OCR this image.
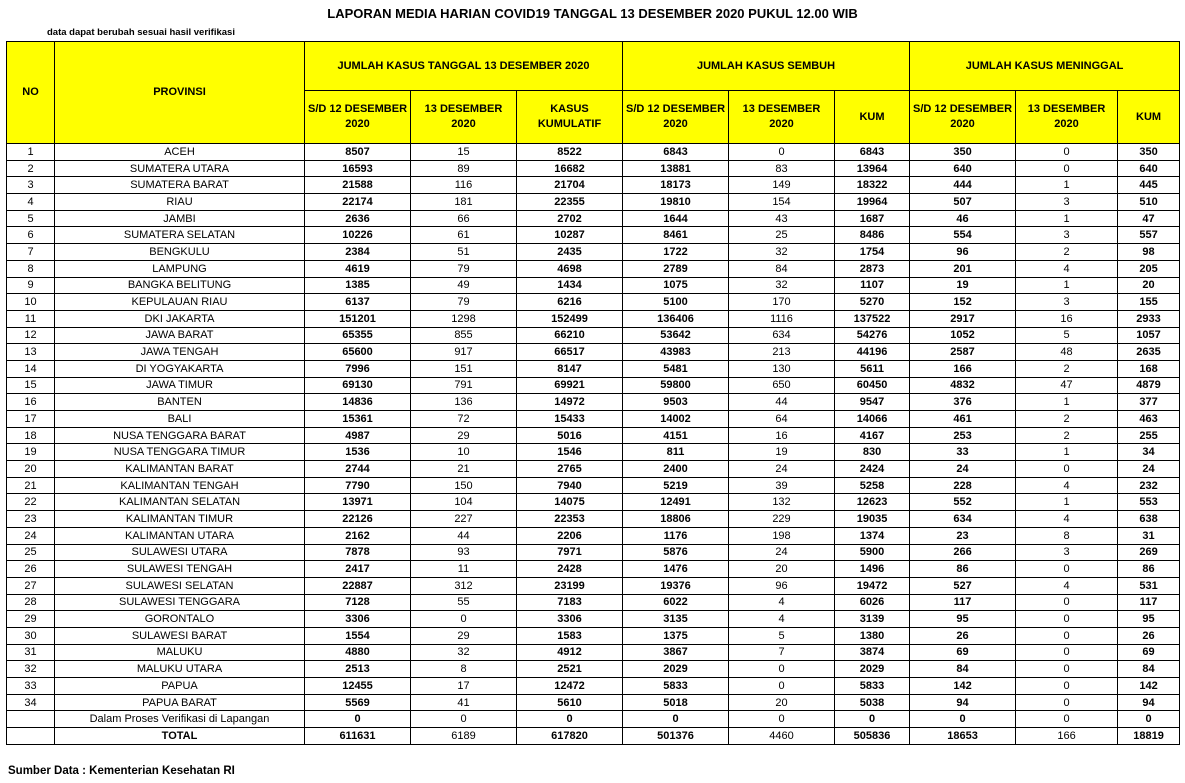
LAPORAN MEDIA HARIAN COVID19 TANGGAL 13 DESEMBER 2020 PUKUL 12.00 WIB
data dapat berubah sesuai hasil verifikasi
NO	PROVINSI	JUMLAH KASUS TANGGAL 13 DESEMBER 2020			JUMLAH KASUS SEMBUH			JUMLAH KASUS MENINGGAL		
		S/D 12 DESEMBER 2020	13 DESEMBER 2020	KASUS KUMULATIF	S/D 12 DESEMBER 2020	13 DESEMBER 2020	KUM	S/D 12 DESEMBER 2020	13 DESEMBER 2020	KUM
1	ACEH	8507	15	8522	6843	0	6843	350	0	350
2	SUMATERA UTARA	16593	89	16682	13881	83	13964	640	0	640
3	SUMATERA BARAT	21588	116	21704	18173	149	18322	444	1	445
4	RIAU	22174	181	22355	19810	154	19964	507	3	510
5	JAMBI	2636	66	2702	1644	43	1687	46	1	47
6	SUMATERA SELATAN	10226	61	10287	8461	25	8486	554	3	557
7	BENGKULU	2384	51	2435	1722	32	1754	96	2	98
8	LAMPUNG	4619	79	4698	2789	84	2873	201	4	205
9	BANGKA BELITUNG	1385	49	1434	1075	32	1107	19	1	20
10	KEPULAUAN RIAU	6137	79	6216	5100	170	5270	152	3	155
11	DKI JAKARTA	151201	1298	152499	136406	1116	137522	2917	16	2933
12	JAWA BARAT	65355	855	66210	53642	634	54276	1052	5	1057
13	JAWA TENGAH	65600	917	66517	43983	213	44196	2587	48	2635
14	DI YOGYAKARTA	7996	151	8147	5481	130	5611	166	2	168
15	JAWA TIMUR	69130	791	69921	59800	650	60450	4832	47	4879
16	BANTEN	14836	136	14972	9503	44	9547	376	1	377
17	BALI	15361	72	15433	14002	64	14066	461	2	463
18	NUSA TENGGARA BARAT	4987	29	5016	4151	16	4167	253	2	255
19	NUSA TENGGARA TIMUR	1536	10	1546	811	19	830	33	1	34
20	KALIMANTAN BARAT	2744	21	2765	2400	24	2424	24	0	24
21	KALIMANTAN TENGAH	7790	150	7940	5219	39	5258	228	4	232
22	KALIMANTAN SELATAN	13971	104	14075	12491	132	12623	552	1	553
23	KALIMANTAN TIMUR	22126	227	22353	18806	229	19035	634	4	638
24	KALIMANTAN UTARA	2162	44	2206	1176	198	1374	23	8	31
25	SULAWESI UTARA	7878	93	7971	5876	24	5900	266	3	269
26	SULAWESI TENGAH	2417	11	2428	1476	20	1496	86	0	86
27	SULAWESI SELATAN	22887	312	23199	19376	96	19472	527	4	531
28	SULAWESI TENGGARA	7128	55	7183	6022	4	6026	117	0	117
29	GORONTALO	3306	0	3306	3135	4	3139	95	0	95
30	SULAWESI BARAT	1554	29	1583	1375	5	1380	26	0	26
31	MALUKU	4880	32	4912	3867	7	3874	69	0	69
32	MALUKU UTARA	2513	8	2521	2029	0	2029	84	0	84
33	PAPUA	12455	17	12472	5833	0	5833	142	0	142
34	PAPUA BARAT	5569	41	5610	5018	20	5038	94	0	94
	Dalam Proses Verifikasi di Lapangan	0	0	0	0	0	0	0	0	0
	TOTAL	611631	6189	617820	501376	4460	505836	18653	166	18819
Sumber Data : Kementerian Kesehatan RI
